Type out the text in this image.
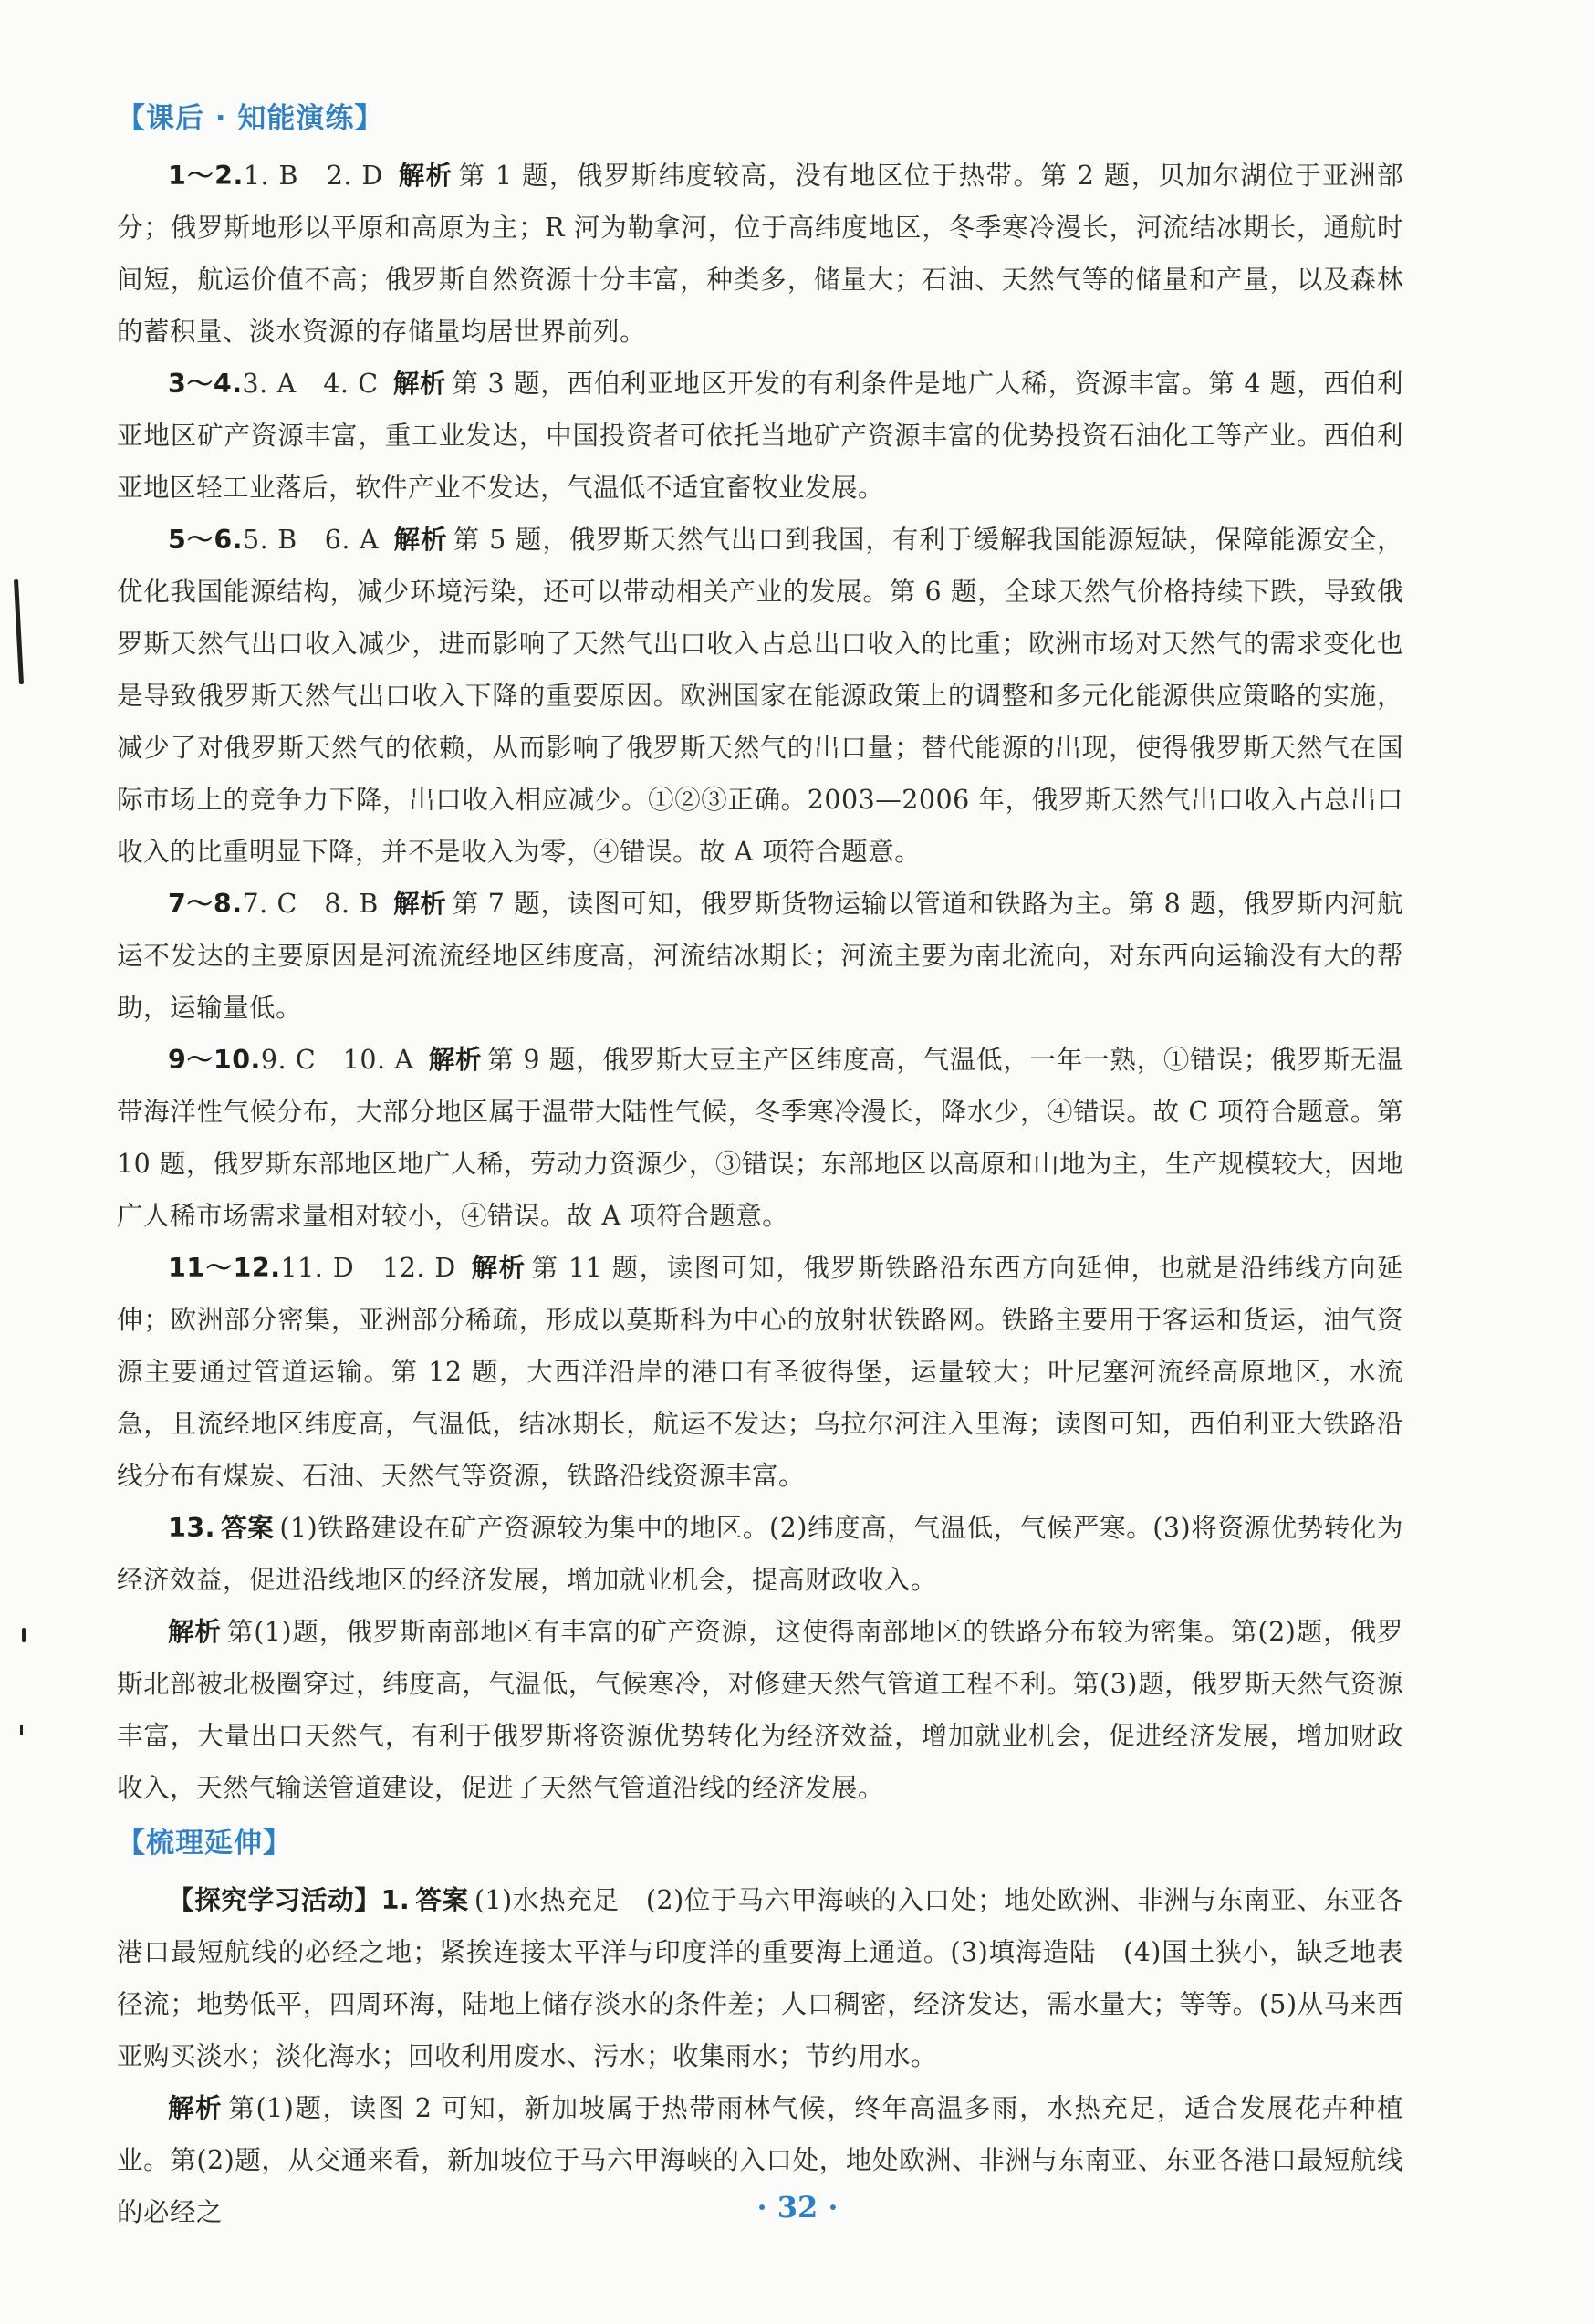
【课后 · 知能演练】

1～2.1. B　2. D 解析 第 1 题，俄罗斯纬度较高，没有地区位于热带。第 2 题，贝加尔湖位于亚洲部分；俄罗斯地形以平原和高原为主；R 河为勒拿河，位于高纬度地区，冬季寒冷漫长，河流结冰期长，通航时间短，航运价值不高；俄罗斯自然资源十分丰富，种类多，储量大；石油、天然气等的储量和产量，以及森林的蓄积量、淡水资源的存储量均居世界前列。

3～4.3. A　4. C 解析 第 3 题，西伯利亚地区开发的有利条件是地广人稀，资源丰富。第 4 题，西伯利亚地区矿产资源丰富，重工业发达，中国投资者可依托当地矿产资源丰富的优势投资石油化工等产业。西伯利亚地区轻工业落后，软件产业不发达，气温低不适宜畜牧业发展。

5～6.5. B　6. A 解析 第 5 题，俄罗斯天然气出口到我国，有利于缓解我国能源短缺，保障能源安全，优化我国能源结构，减少环境污染，还可以带动相关产业的发展。第 6 题，全球天然气价格持续下跌，导致俄罗斯天然气出口收入减少，进而影响了天然气出口收入占总出口收入的比重；欧洲市场对天然气的需求变化也是导致俄罗斯天然气出口收入下降的重要原因。欧洲国家在能源政策上的调整和多元化能源供应策略的实施，减少了对俄罗斯天然气的依赖，从而影响了俄罗斯天然气的出口量；替代能源的出现，使得俄罗斯天然气在国际市场上的竞争力下降，出口收入相应减少。①②③正确。2003—2006 年，俄罗斯天然气出口收入占总出口收入的比重明显下降，并不是收入为零，④错误。故 A 项符合题意。

7～8.7. C　8. B 解析 第 7 题，读图可知，俄罗斯货物运输以管道和铁路为主。第 8 题，俄罗斯内河航运不发达的主要原因是河流流经地区纬度高，河流结冰期长；河流主要为南北流向，对东西向运输没有大的帮助，运输量低。

9～10.9. C　10. A 解析 第 9 题，俄罗斯大豆主产区纬度高，气温低，一年一熟，①错误；俄罗斯无温带海洋性气候分布，大部分地区属于温带大陆性气候，冬季寒冷漫长，降水少，④错误。故 C 项符合题意。第 10 题，俄罗斯东部地区地广人稀，劳动力资源少，③错误；东部地区以高原和山地为主，生产规模较大，因地广人稀市场需求量相对较小，④错误。故 A 项符合题意。

11～12.11. D　12. D 解析 第 11 题，读图可知，俄罗斯铁路沿东西方向延伸，也就是沿纬线方向延伸；欧洲部分密集，亚洲部分稀疏，形成以莫斯科为中心的放射状铁路网。铁路主要用于客运和货运，油气资源主要通过管道运输。第 12 题，大西洋沿岸的港口有圣彼得堡，运量较大；叶尼塞河流经高原地区，水流急，且流经地区纬度高，气温低，结冰期长，航运不发达；乌拉尔河注入里海；读图可知，西伯利亚大铁路沿线分布有煤炭、石油、天然气等资源，铁路沿线资源丰富。

13. 答案 (1)铁路建设在矿产资源较为集中的地区。(2)纬度高，气温低，气候严寒。(3)将资源优势转化为经济效益，促进沿线地区的经济发展，增加就业机会，提高财政收入。

解析 第(1)题，俄罗斯南部地区有丰富的矿产资源，这使得南部地区的铁路分布较为密集。第(2)题，俄罗斯北部被北极圈穿过，纬度高，气温低，气候寒冷，对修建天然气管道工程不利。第(3)题，俄罗斯天然气资源丰富，大量出口天然气，有利于俄罗斯将资源优势转化为经济效益，增加就业机会，促进经济发展，增加财政收入，天然气输送管道建设，促进了天然气管道沿线的经济发展。

【梳理延伸】

【探究学习活动】1. 答案 (1)水热充足　(2)位于马六甲海峡的入口处；地处欧洲、非洲与东南亚、东亚各港口最短航线的必经之地；紧挨连接太平洋与印度洋的重要海上通道。(3)填海造陆　(4)国土狭小，缺乏地表径流；地势低平，四周环海，陆地上储存淡水的条件差；人口稠密，经济发达，需水量大；等等。(5)从马来西亚购买淡水；淡化海水；回收利用废水、污水；收集雨水；节约用水。

解析 第(1)题，读图 2 可知，新加坡属于热带雨林气候，终年高温多雨，水热充足，适合发展花卉种植业。第(2)题，从交通来看，新加坡位于马六甲海峡的入口处，地处欧洲、非洲与东南亚、东亚各港口最短航线的必经之	· 32 ·
